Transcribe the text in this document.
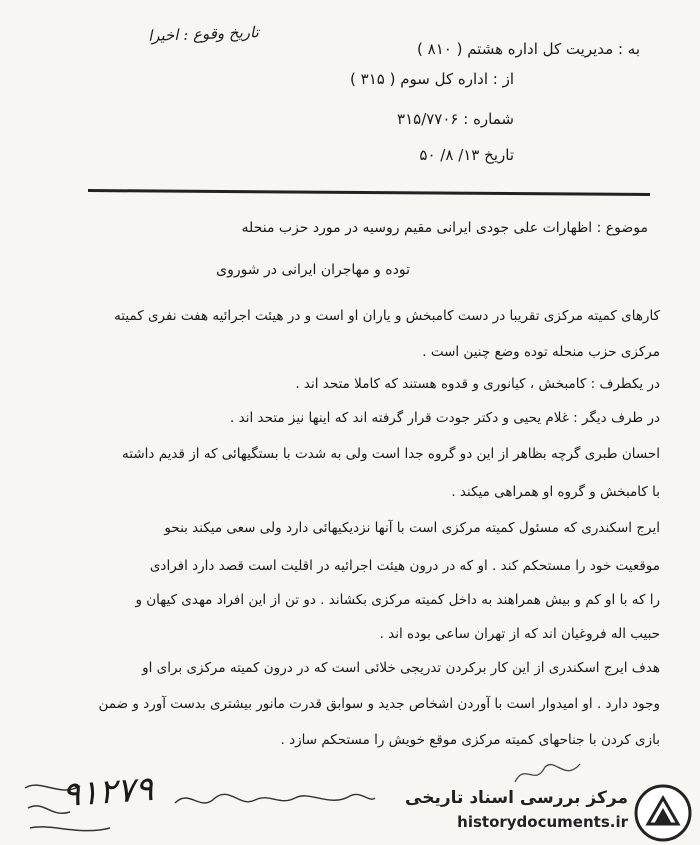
تاریخ وقوع : اخیرا
به : مدیریت کل اداره هشتم ( ۸۱۰ )
از : اداره کل سوم ( ۳۱۵ )
شماره : ۳۱۵/۷۷۰۶
تاریخ ۱۳/ ۸/ ۵۰
موضوع : اظهارات علی جودی ایرانی مقیم روسیه در مورد حزب منحله
توده و مهاجران ایرانی در شوروی
کارهای کمیته مرکزی تقریبا در دست کامبخش و یاران او است و در هیئت اجرائیه هفت نفری کمیته
مرکزی حزب منحله توده وضع چنین است .
در یکطرف : کامبخش ، کیانوری و قدوه هستند که کاملا متحد اند .
در طرف دیگر : غلام یحیی و دکتر جودت قرار گرفته اند که اینها نیز متحد اند .
احسان طبری گرچه بظاهر از این دو گروه جدا است ولی به شدت با بستگیهائی که از قدیم داشته
با کامبخش و گروه او همراهی میکند .
ایرج اسکندری که مسئول کمیته مرکزی است با آنها نزدیکیهائی دارد ولی سعی میکند بنحو
موقعیت خود را مستحکم کند . او که در درون هیئت اجرائیه در اقلیت است قصد دارد افرادی
را که با او کم و بیش همراهند به داخل کمیته مرکزی بکشاند . دو تن از این افراد مهدی کیهان و
حبیب اله فروغیان اند که از تهران ساعی بوده اند .
هدف ایرج اسکندری از این کار برکردن تدریجی خلائی است که در درون کمیته مرکزی برای او
وجود دارد . او امیدوار است با آوردن اشخاص جدید و سوابق قدرت مانور بیشتری بدست آورد و ضمن
بازی کردن با جناحهای کمیته مرکزی موقع خویش را مستحکم سازد .
۹۱۲۷۹	مرکز بررسی اسناد تاریخی
historydocuments.ir
